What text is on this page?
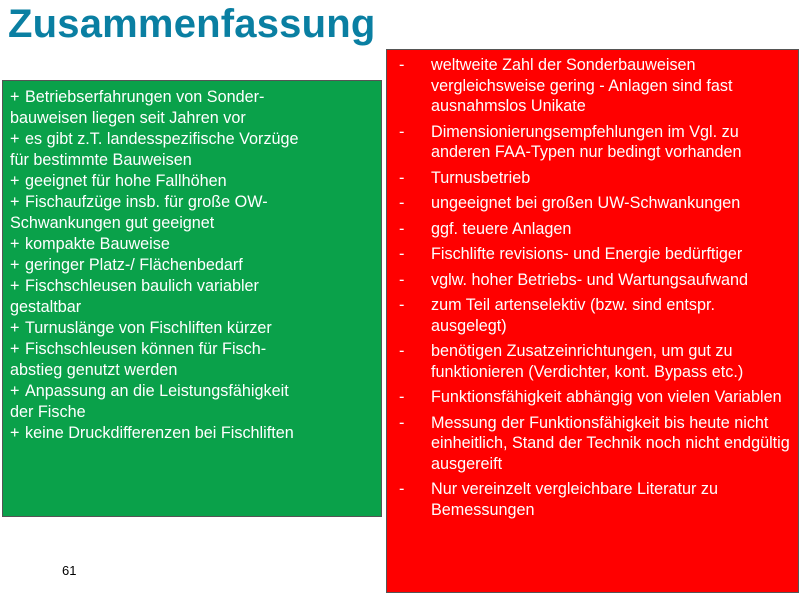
Zusammenfassung
+ Betriebserfahrungen von Sonder-
bauweisen liegen seit Jahren vor
+ es gibt z.T. landesspezifische Vorzüge
für bestimmte Bauweisen
+ geeignet für hohe Fallhöhen
+ Fischaufzüge insb. für große OW-
Schwankungen gut geeignet
+ kompakte Bauweise
+ geringer Platz-/ Flächenbedarf
+ Fischschleusen baulich variabler
gestaltbar
+ Turnuslänge von Fischliften kürzer
+ Fischschleusen können für Fisch-
abstieg genutzt werden
+ Anpassung an die Leistungsfähigkeit
der Fische
+ keine Druckdifferenzen bei Fischliften
- weltweite Zahl der Sonderbauweisen vergleichsweise gering - Anlagen sind fast ausnahmslos Unikate
- Dimensionierungsempfehlungen im Vgl. zu anderen FAA-Typen nur bedingt vorhanden
- Turnusbetrieb
- ungeeignet bei großen UW-Schwankungen
- ggf. teuere Anlagen
- Fischlifte revisions- und Energie bedürftiger
- vglw. hoher Betriebs- und Wartungsaufwand
- zum Teil artenselektiv (bzw. sind entspr. ausgelegt)
- benötigen Zusatzeinrichtungen, um gut zu funktionieren (Verdichter, kont. Bypass etc.)
- Funktionsfähigkeit abhängig von vielen Variablen
- Messung der Funktionsfähigkeit bis heute nicht einheitlich, Stand der Technik noch nicht endgültig ausgereift
- Nur vereinzelt vergleichbare Literatur zu Bemessungen
61
